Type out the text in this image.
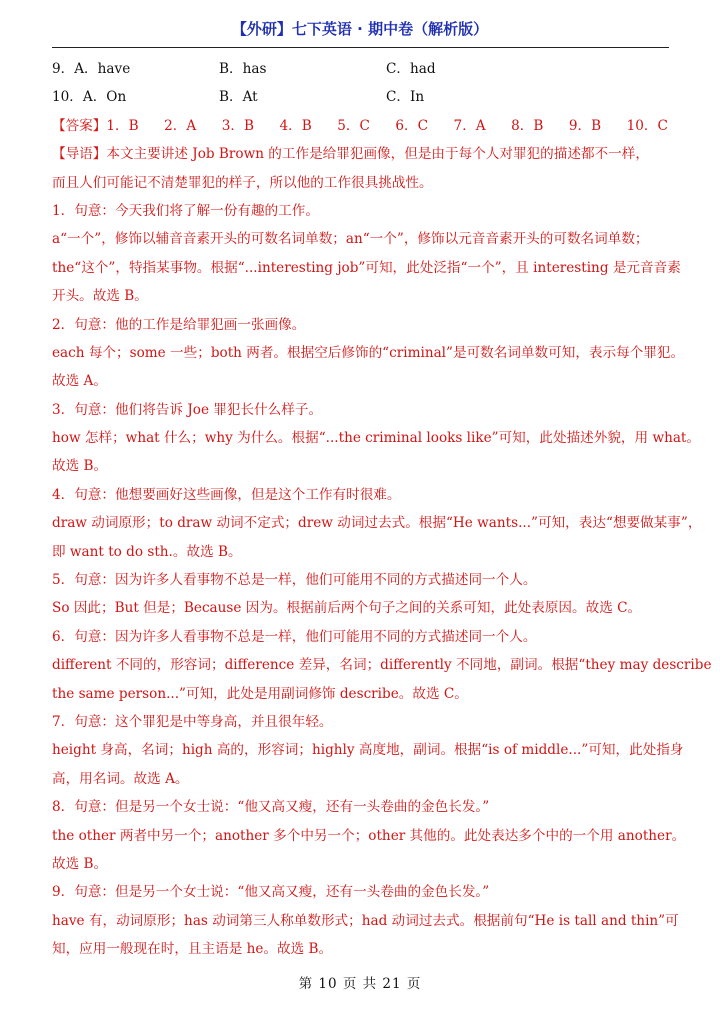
【外研】七下英语 · 期中卷（解析版）
9．A．have	B．has	C．had
10．A．On	B．At	C．In
【答案】1．B 2．A 3．B 4．B 5．C 6．C 7．A 8．B 9．B 10．C
【导语】本文主要讲述 Job Brown 的工作是给罪犯画像，但是由于每个人对罪犯的描述都不一样，
而且人们可能记不清楚罪犯的样子，所以他的工作很具挑战性。
1．句意：今天我们将了解一份有趣的工作。
a“一个”，修饰以辅音音素开头的可数名词单数；an“一个”，修饰以元音音素开头的可数名词单数；
the“这个”，特指某事物。根据“...interesting job”可知，此处泛指“一个”，且 interesting 是元音音素
开头。故选 B。
2．句意：他的工作是给罪犯画一张画像。
each 每个；some 一些；both 两者。根据空后修饰的“criminal”是可数名词单数可知，表示每个罪犯。
故选 A。
3．句意：他们将告诉 Joe 罪犯长什么样子。
how 怎样；what 什么；why 为什么。根据“...the criminal looks like”可知，此处描述外貌，用 what。
故选 B。
4．句意：他想要画好这些画像，但是这个工作有时很难。
draw 动词原形；to draw 动词不定式；drew 动词过去式。根据“He wants...”可知，表达“想要做某事”，
即 want to do sth.。故选 B。
5．句意：因为许多人看事物不总是一样，他们可能用不同的方式描述同一个人。
So 因此；But 但是；Because 因为。根据前后两个句子之间的关系可知，此处表原因。故选 C。
6．句意：因为许多人看事物不总是一样，他们可能用不同的方式描述同一个人。
different 不同的，形容词；difference 差异，名词；differently 不同地，副词。根据“they may describe
the same person...”可知，此处是用副词修饰 describe。故选 C。
7．句意：这个罪犯是中等身高，并且很年轻。
height 身高，名词；high 高的，形容词；highly 高度地，副词。根据“is of middle...”可知，此处指身
高，用名词。故选 A。
8．句意：但是另一个女士说：“他又高又瘦，还有一头卷曲的金色长发。”
the other 两者中另一个；another 多个中另一个；other 其他的。此处表达多个中的一个用 another。
故选 B。
9．句意：但是另一个女士说：“他又高又瘦，还有一头卷曲的金色长发。”
have 有，动词原形；has 动词第三人称单数形式；had 动词过去式。根据前句“He is tall and thin”可
知，应用一般现在时，且主语是 he。故选 B。
第 10 页 共 21 页
